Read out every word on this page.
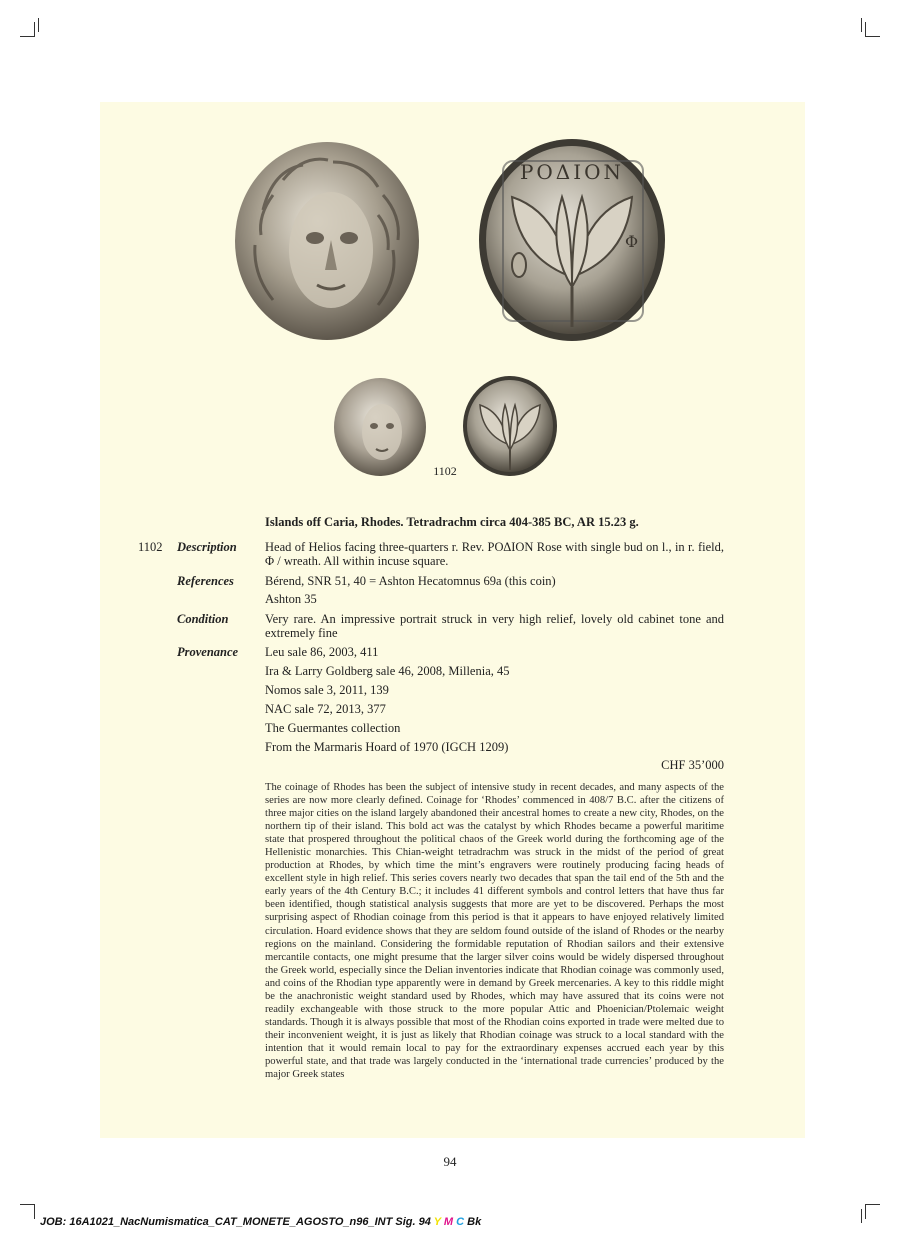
ΡΟΔΙΟΝ
Φ
1102
Islands off Caria, Rhodes. Tetradrachm circa 404-385 BC, AR 15.23 g.
1102 Description Head of Helios facing three-quarters r. Rev. ΡΟΔΙΟΝ Rose with single bud on l., in r. field, Φ / wreath. All within incuse square.
References Bérend, SNR 51, 40 = Ashton Hecatomnus 69a (this coin)
Ashton 35
Condition	Very rare. An impressive portrait struck in very high relief, lovely old cabinet tone and extremely fine
Provenance Leu sale 86, 2003, 411
Ira & Larry Goldberg sale 46, 2008, Millenia, 45
Nomos sale 3, 2011, 139
NAC sale 72, 2013, 377
The Guermantes collection
From the Marmaris Hoard of 1970 (IGCH 1209)
CHF 35’000
The coinage of Rhodes has been the subject of intensive study in recent decades, and many aspects of the series are now more clearly defined. Coinage for ‘Rhodes’ commenced in 408/7 B.C. after the citizens of three major cities on the island largely abandoned their ancestral homes to create a new city, Rhodes, on the northern tip of their island. This bold act was the catalyst by which Rhodes became a powerful maritime state that prospered throughout the political chaos of the Greek world during the forthcoming age of the Hellenistic monarchies. This Chian-weight tetradrachm was struck in the midst of the period of great production at Rhodes, by which time the mint’s engravers were routinely producing facing heads of excellent style in high relief. This series covers nearly two decades that span the tail end of the 5th and the early years of the 4th Century B.C.; it includes 41 different symbols and control letters that have thus far been identified, though statistical analysis suggests that more are yet to be discovered. Perhaps the most surprising aspect of Rhodian coinage from this period is that it appears to have enjoyed relatively limited circulation. Hoard evidence shows that they are seldom found outside of the island of Rhodes or the nearby regions on the mainland. Considering the formidable reputation of Rhodian sailors and their extensive mercantile contacts, one might presume that the larger silver coins would be widely dispersed throughout the Greek world, especially since the Delian inventories indicate that Rhodian coinage was commonly used, and coins of the Rhodian type apparently were in demand by Greek mercenaries. A key to this riddle might be the anachronistic weight standard used by Rhodes, which may have assured that its coins were not readily exchangeable with those struck to the more popular Attic and Phoenician/Ptolemaic weight standards. Though it is always possible that most of the Rhodian coins exported in trade were melted due to their inconvenient weight, it is just as likely that Rhodian coinage was struck to a local standard with the intention that it would remain local to pay for the extraordinary expenses accrued each year by this powerful state, and that trade was largely conducted in the ‘international trade currencies’ produced by the major Greek states
94
JOB: 16A1021_NacNumismatica_CAT_MONETE_AGOSTO_n96_INT Sig. 94 Y M C Bk
